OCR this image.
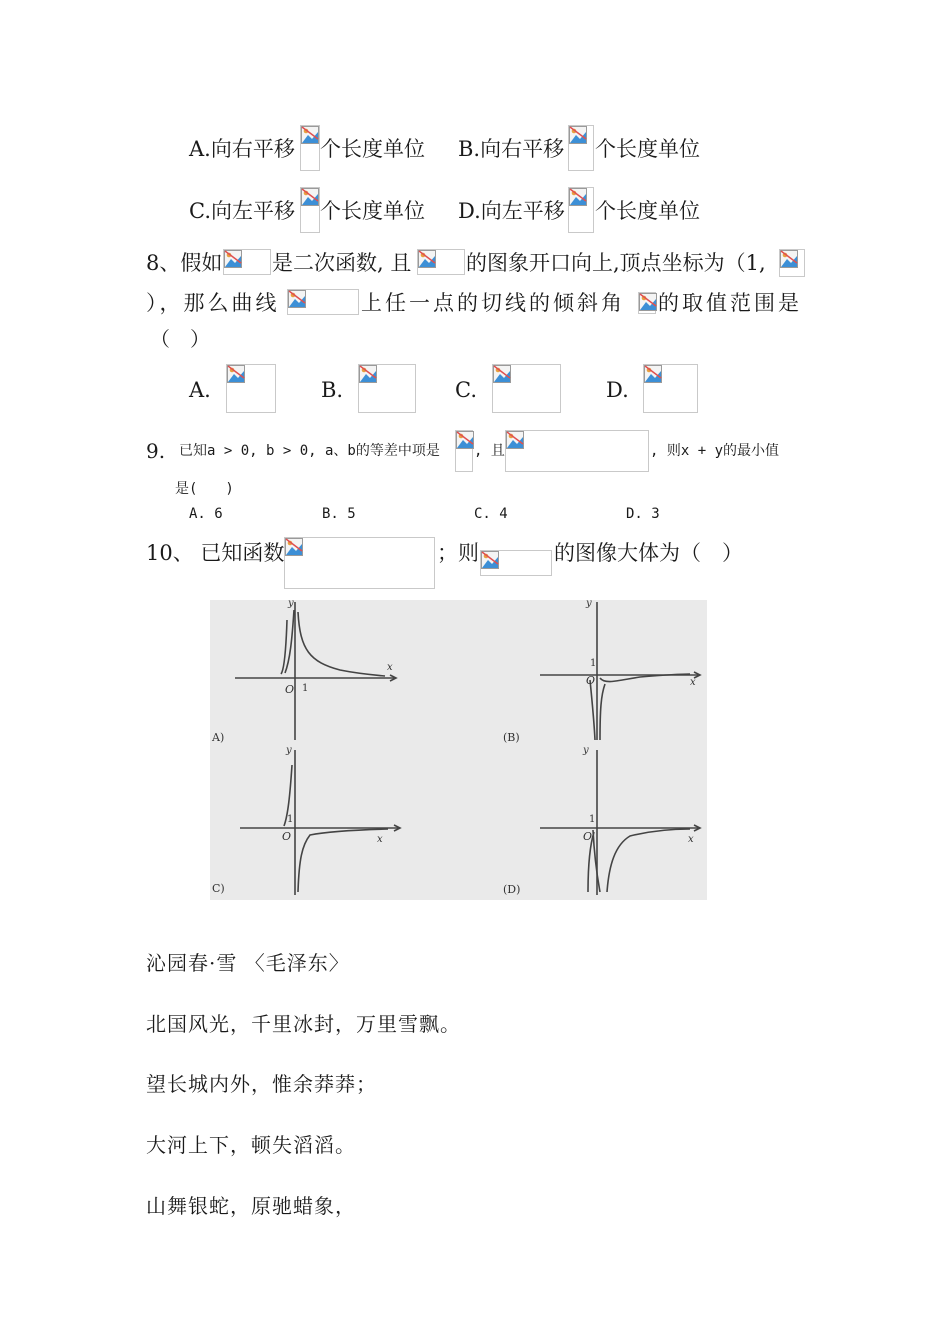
A.向右平移 个长度单位 B.向右平移 个长度单位
C.向左平移 个长度单位 D.向左平移 个长度单位
8、假如 是二次函数, 且	的图象开口向上,顶点坐标为（1,
），那么曲线	上任一点的切线的倾斜角 的取值范围是
（　）
A.	B.	C.	D.
9. 已知a > 0, b > 0, a、b的等差中项是 , 且	, 则x + y的最小值
是(　　)
A. 6	B. 5	C. 4	D. 3
10、 已知函数	；则	的图像大体为（　）
O 1
y
x
A)
O
1
y
x
(B)
O
1
y
x
C)
O
1
y
x
(D)
沁园春·雪 〈毛泽东〉
北国风光，千里冰封，万里雪飘。
望长城内外，惟余莽莽；
大河上下，顿失滔滔。
山舞银蛇，原驰蜡象，
